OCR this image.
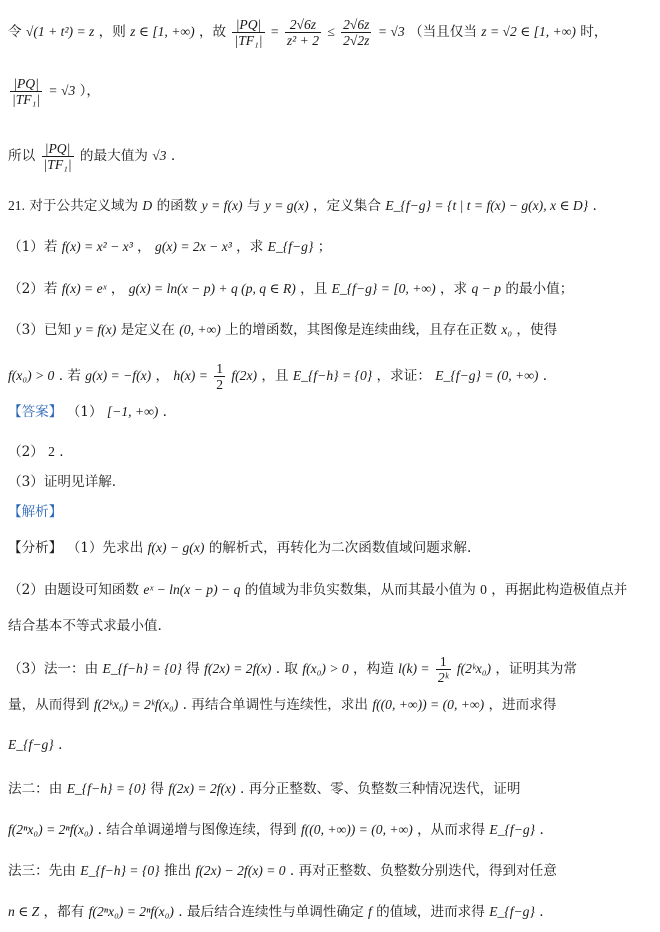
令 √(1 + t²) = z ，则 z ∈ [1, +∞) ，故 $\frac{|PQ|}{\text{|TF₁|}} = \frac{2√6z}{\text{z² + 2}} \le \frac{2√6z}{2√2z} = √3$ （当且仅当 z = √2 ∈ [1, +∞) 时，
$\frac{|PQ|}{\text{|TF₁|}} = √3$ ），
所以 $\frac{|PQ|}{\text{|TF₁|}}$ 的最大值为 √3 .
21. 对于公共定义域为 D 的函数 y = f(x) 与 y = g(x) ，定义集合 E_{f−g} = {t | t = f(x) − g(x), x ∈ D} .
（1）若 f(x) = x² − x³ ， g(x) = 2x − x³ ，求 E_{f−g} ；
（2）若 f(x) = eˣ ， g(x) = ln(x − p) + q (p, q ∈ R) ，且 E_{f−g} = [0, +∞) ，求 q − p 的最小值；
（3）已知 y = f(x) 是定义在 (0, +∞) 上的增函数，其图像是连续曲线，且存在正数 x₀ ，使得
f(x₀) > 0 . 若 g(x) = −f(x) ， $h(x) = \frac{1}{2} f(2x)$ ，且 E_{f−h} = {0} ，求证： E_{f−g} = (0, +∞) .
【答案】 （1） [−1, +∞) .
（2） 2 .
（3）证明见详解.
【解析】
【分析】 （1）先求出 f(x) − g(x) 的解析式，再转化为二次函数值域问题求解.
（2）由题设可知函数 eˣ − ln(x − p) − q 的值域为非负实数集，从而其最小值为 0 ，再据此构造极值点并
结合基本不等式求最小值.
（3）法一：由 E_{f−h} = {0} 得 f(2x) = 2f(x) . 取 f(x₀) > 0 ，构造 $l(k) = \frac{1}{\text{2ᵏ}}$ f(2ᵏx₀) ，证明其为常
量，从而得到 f(2ᵏx₀) = 2ᵏf(x₀) . 再结合单调性与连续性，求出 f((0, +∞)) = (0, +∞) ，进而求得
E_{f−g} .
法二：由 E_{f−h} = {0} 得 f(2x) = 2f(x) . 再分正整数、零、负整数三种情况迭代，证明
f(2ⁿx₀) = 2ⁿf(x₀) . 结合单调递增与图像连续，得到 f((0, +∞)) = (0, +∞) ，从而求得 E_{f−g} .
法三：先由 E_{f−h} = {0} 推出 f(2x) − 2f(x) = 0 . 再对正整数、负整数分别迭代，得到对任意
n ∈ Z ，都有 f(2ⁿx₀) = 2ⁿf(x₀) . 最后结合连续性与单调性确定 f 的值域，进而求得 E_{f−g} .
